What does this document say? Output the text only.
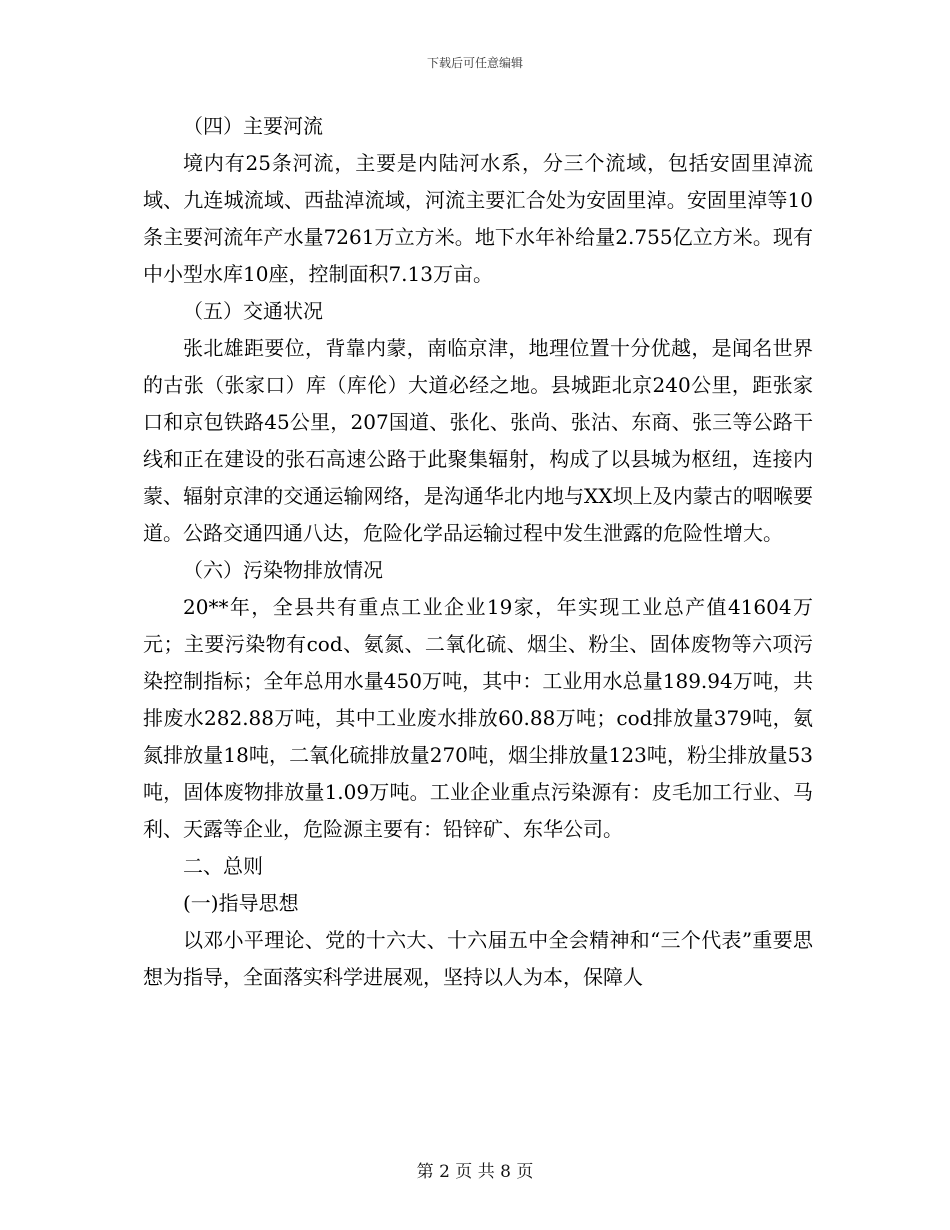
下载后可任意编辑

（四）主要河流

境内有25条河流，主要是内陆河水系，分三个流域，包括安固里淖流域、九连城流域、西盐淖流域，河流主要汇合处为安固里淖。安固里淖等10条主要河流年产水量7261万立方米。地下水年补给量2.755亿立方米。现有中小型水库10座，控制面积7.13万亩。

（五）交通状况

张北雄距要位，背靠内蒙，南临京津，地理位置十分优越，是闻名世界的古张（张家口）库（库伦）大道必经之地。县城距北京240公里，距张家口和京包铁路45公里，207国道、张化、张尚、张沽、东商、张三等公路干线和正在建设的张石高速公路于此聚集辐射，构成了以县城为枢纽，连接内蒙、辐射京津的交通运输网络，是沟通华北内地与XX坝上及内蒙古的咽喉要道。公路交通四通八达，危险化学品运输过程中发生泄露的危险性增大。

（六）污染物排放情况

20**年，全县共有重点工业企业19家，年实现工业总产值41604万元；主要污染物有cod、氨氮、二氧化硫、烟尘、粉尘、固体废物等六项污染控制指标；全年总用水量450万吨，其中：工业用水总量189.94万吨，共排废水282.88万吨，其中工业废水排放60.88万吨；cod排放量379吨，氨氮排放量18吨，二氧化硫排放量270吨，烟尘排放量123吨，粉尘排放量53吨，固体废物排放量1.09万吨。工业企业重点污染源有：皮毛加工行业、马利、天露等企业，危险源主要有：铅锌矿、东华公司。

二、总则

(一)指导思想

以邓小平理论、党的十六大、十六届五中全会精神和“三个代表”重要思想为指导，全面落实科学进展观，坚持以人为本，保障人

第 2 页 共 8 页
